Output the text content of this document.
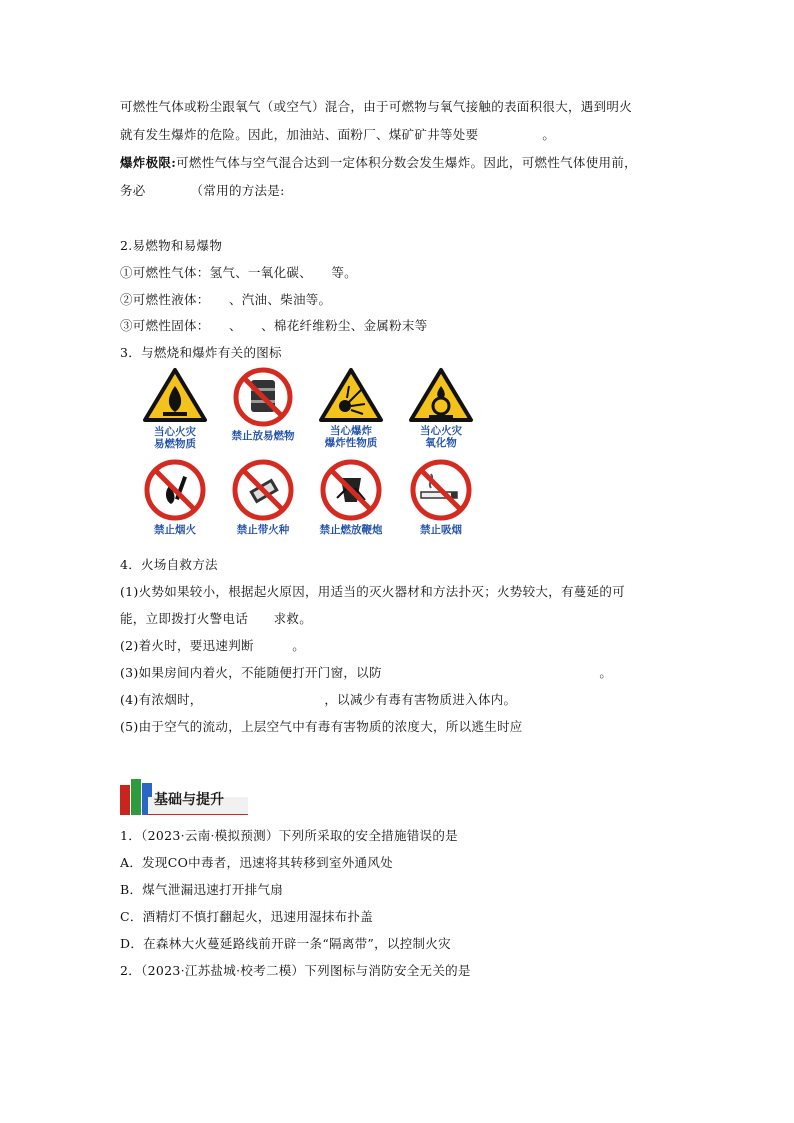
可燃性气体或粉尘跟氧气（或空气）混合，由于可燃物与氧气接触的表面积很大，遇到明火
就有发生爆炸的危险。因此，加油站、面粉厂、煤矿矿井等处要　　　　　。
爆炸极限:可燃性气体与空气混合达到一定体积分数会发生爆炸。因此，可燃性气体使用前，
务必　　　　（常用的方法是:
2.易燃物和易爆物
①可燃性气体：氢气、一氧化碳、　　等。
②可燃性液体：　　、汽油、柴油等。
③可燃性固体：　　、　　、棉花纤维粉尘、金属粉末等
3．与燃烧和爆炸有关的图标
当心火灾
易燃物质
禁止放易燃物	当心爆炸
爆炸性物质
当心火灾
氧化物
禁止烟火	禁止带火种	禁止燃放鞭炮	禁止吸烟
4．火场自救方法
(1)火势如果较小，根据起火原因，用适当的灭火器材和方法扑灭；火势较大，有蔓延的可
能，立即拨打火警电话　　求救。
(2)着火时，要迅速判断　　　。
(3)如果房间内着火，不能随便打开门窗，以防　　　　　　　　　　　　　　　　　。
(4)有浓烟时，　　　　　　　　　　，以减少有毒有害物质进入体内。
(5)由于空气的流动，上层空气中有毒有害物质的浓度大，所以逃生时应
基础与提升
1．（2023·云南·模拟预测）下列所采取的安全措施错误的是
A．发现CO中毒者，迅速将其转移到室外通风处
B．煤气泄漏迅速打开排气扇
C．酒精灯不慎打翻起火，迅速用湿抹布扑盖
D．在森林大火蔓延路线前开辟一条“隔离带”，以控制火灾
2．（2023·江苏盐城·校考二模）下列图标与消防安全无关的是
